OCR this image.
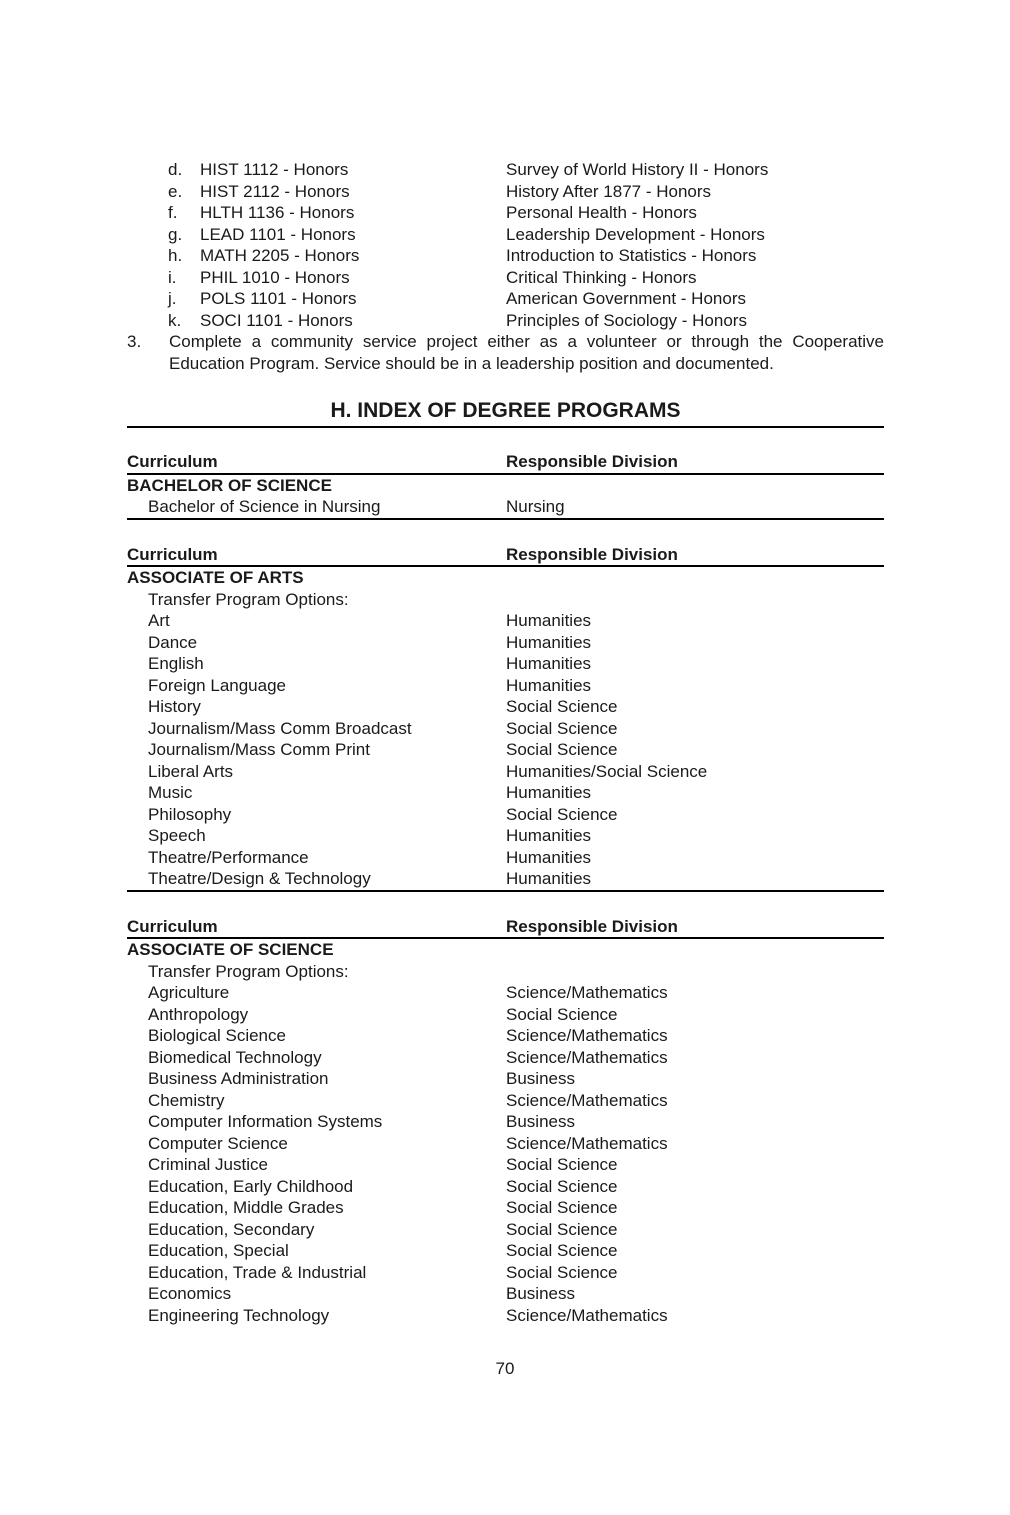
d. HIST 1112 - Honors	Survey of World History II - Honors
e. HIST 2112 - Honors	History After 1877 - Honors
f. HLTH 1136 - Honors	Personal Health - Honors
g. LEAD 1101 - Honors	Leadership Development - Honors
h. MATH 2205 - Honors	Introduction to Statistics - Honors
i. PHIL 1010 - Honors	Critical Thinking - Honors
j. POLS 1101 - Honors	American Government - Honors
k. SOCI 1101 - Honors	Principles of Sociology - Honors
3. Complete a community service project either as a volunteer or through the Cooperative Education Program. Service should be in a leadership position and documented.
H. INDEX OF DEGREE PROGRAMS
Curriculum	Responsible Division
BACHELOR OF SCIENCE
Bachelor of Science in Nursing	Nursing
Curriculum	Responsible Division
ASSOCIATE OF ARTS
Transfer Program Options:
Art	Humanities
Dance	Humanities
English	Humanities
Foreign Language	Humanities
History	Social Science
Journalism/Mass Comm Broadcast	Social Science
Journalism/Mass Comm Print	Social Science
Liberal Arts	Humanities/Social Science
Music	Humanities
Philosophy	Social Science
Speech	Humanities
Theatre/Performance	Humanities
Theatre/Design & Technology	Humanities
Curriculum	Responsible Division
ASSOCIATE OF SCIENCE
Transfer Program Options:
Agriculture	Science/Mathematics
Anthropology	Social Science
Biological Science	Science/Mathematics
Biomedical Technology	Science/Mathematics
Business Administration	Business
Chemistry	Science/Mathematics
Computer Information Systems	Business
Computer Science	Science/Mathematics
Criminal Justice	Social Science
Education, Early Childhood	Social Science
Education, Middle Grades	Social Science
Education, Secondary	Social Science
Education, Special	Social Science
Education, Trade & Industrial	Social Science
Economics	Business
Engineering Technology	Science/Mathematics
70
